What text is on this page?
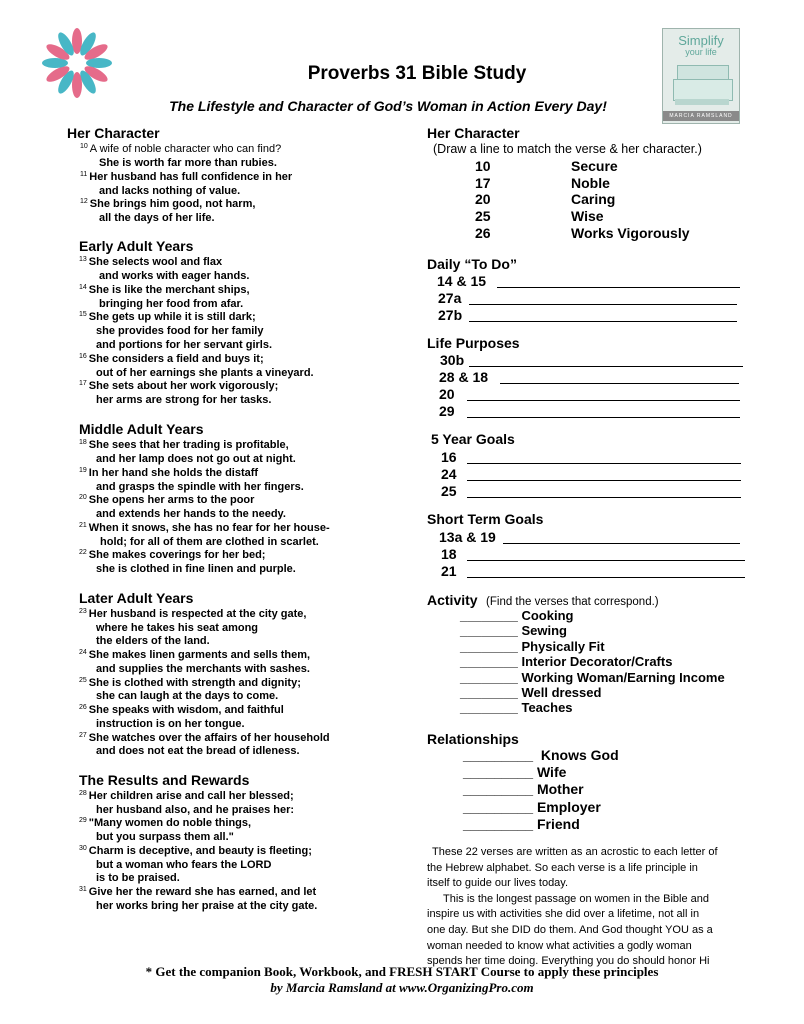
Simplify
your life
MARCIA RAMSLAND
Proverbs 31 Bible Study
The Lifestyle and Character of God’s Woman in Action Every Day!
Her Character
$^{10}$ A wife of noble character who can find?
She is worth far more than rubies.
$^{11}$ Her husband has full confidence in her
and lacks nothing of value.
$^{12}$ She brings him good, not harm,
all the days of her life.
Early Adult Years
$^{13}$ She selects wool and flax
and works with eager hands.
$^{14}$ She is like the merchant ships,
bringing her food from afar.
$^{15}$ She gets up while it is still dark;
she provides food for her family
and portions for her servant girls.
$^{16}$ She considers a field and buys it;
out of her earnings she plants a vineyard.
$^{17}$ She sets about her work vigorously;
her arms are strong for her tasks.
Middle Adult Years
$^{18}$ She sees that her trading is profitable,
and her lamp does not go out at night.
$^{19}$ In her hand she holds the distaff
and grasps the spindle with her fingers.
$^{20}$ She opens her arms to the poor
and extends her hands to the needy.
$^{21}$ When it snows, she has no fear for her house-
hold; for all of them are clothed in scarlet.
$^{22}$ She makes coverings for her bed;
she is clothed in fine linen and purple.
Later Adult Years
$^{23}$ Her husband is respected at the city gate,
where he takes his seat among
the elders of the land.
$^{24}$ She makes linen garments and sells them,
and supplies the merchants with sashes.
$^{25}$ She is clothed with strength and dignity;
she can laugh at the days to come.
$^{26}$ She speaks with wisdom, and faithful
instruction is on her tongue.
$^{27}$ She watches over the affairs of her household
and does not eat the bread of idleness.
The Results and Rewards
$^{28}$ Her children arise and call her blessed;
her husband also, and he praises her:
$^{29}$ "Many women do noble things,
but you surpass them all."
$^{30}$ Charm is deceptive, and beauty is fleeting;
but a woman who fears the LORD
is to be praised.
$^{31}$ Give her the reward she has earned, and let
her works bring her praise at the city gate.
Her Character
(Draw a line to match the verse & her character.)
10	Secure
17	Noble
20	Caring
25	Wise
26	Works Vigorously
Daily “To Do”
14 & 15
27a
27b
Life Purposes
30b
28 & 18
20
29
5 Year Goals
16
24
25
Short Term Goals
13a & 19
18
21
Activity (Find the verses that correspond.)
________ Cooking
________ Sewing
________ Physically Fit
________ Interior Decorator/Crafts
________ Working Woman/Earning Income
________ Well dressed
________ Teaches
Relationships
_________ Knows God
_________ Wife
_________ Mother
_________ Employer
_________ Friend
These 22 verses are written as an acrostic to each letter of
the Hebrew alphabet. So each verse is a life principle in
itself to guide our lives today.
This is the longest passage on women in the Bible and
inspire us with activities she did over a lifetime, not all in
one day. But she DID do them. And God thought YOU as a
woman needed to know what activities a godly woman
spends her time doing. Everything you do should honor Hi
* Get the companion Book, Workbook, and FRESH START Course to apply these principles
by Marcia Ramsland at www.OrganizingPro.com
